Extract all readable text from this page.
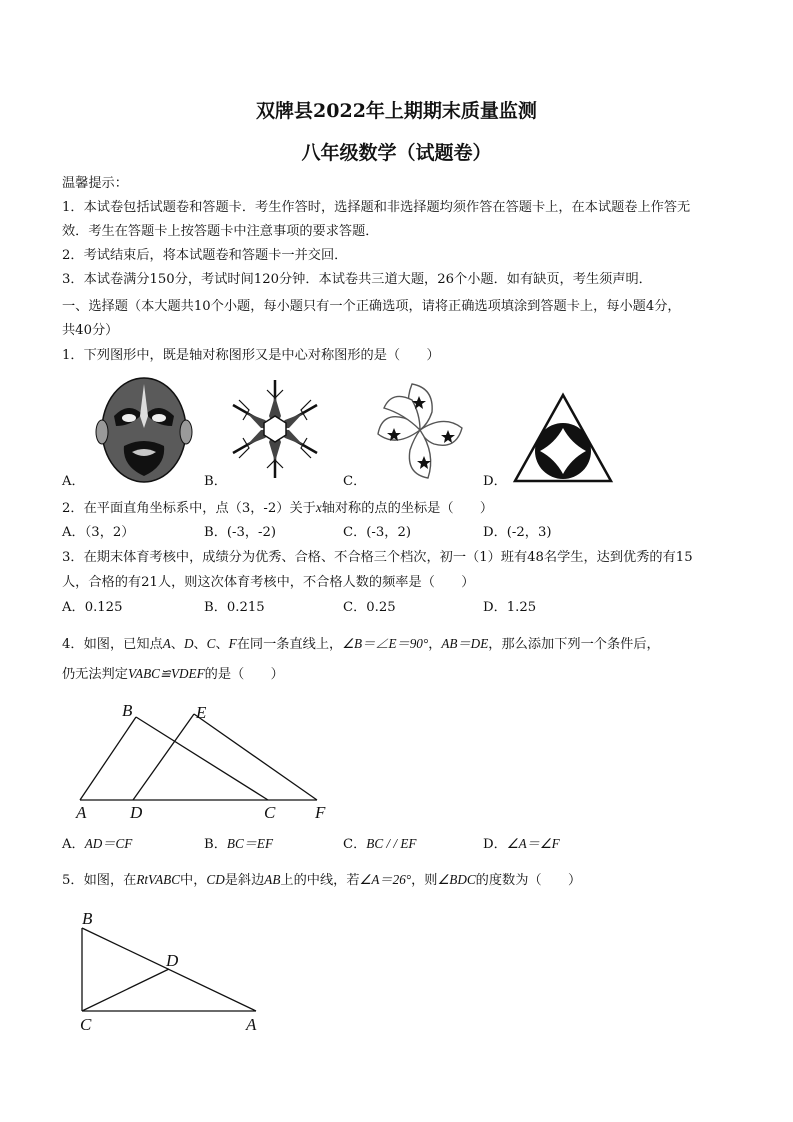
双牌县2022年上期期末质量监测
八年级数学（试题卷）
温馨提示：
1．本试卷包括试题卷和答题卡．考生作答时，选择题和非选择题均须作答在答题卡上，在本试题卷上作答无
效．考生在答题卡上按答题卡中注意事项的要求答题．
2．考试结束后，将本试题卷和答题卡一并交回．
3．本试卷满分150分，考试时间120分钟．本试卷共三道大题，26个小题．如有缺页，考生须声明．
一、选择题（本大题共10个小题，每小题只有一个正确选项，请将正确选项填涂到答题卡上，每小题4分，
共40分）
1．下列图形中，既是轴对称图形又是中心对称图形的是（　　）
A．	B．	C．	D．
2．在平面直角坐标系中，点（3，-2）关于x轴对称的点的坐标是（　　）
A．（3，2）	B．(-3，-2)	C．(-3，2)	D．(-2，3)
3．在期末体育考核中，成绩分为优秀、合格、不合格三个档次，初一（1）班有48名学生，达到优秀的有15
人，合格的有21人，则这次体育考核中，不合格人数的频率是（　　）
A．0.125	B．0.215	C．0.25	D．1.25
4．如图，已知点A、D、C、F在同一条直线上，∠B＝∠E＝90°，AB＝DE，那么添加下列一个条件后，
仍无法判定VABC≌VDEF的是（　　）
B	E
A	D	C F
A．AD＝CF	B．BC＝EF	C．BC / / EF	D．∠A＝∠F
5．如图，在RtVABC中，CD是斜边AB上的中线，若∠A＝26°，则∠BDC的度数为（　　）
B
D
C	A
